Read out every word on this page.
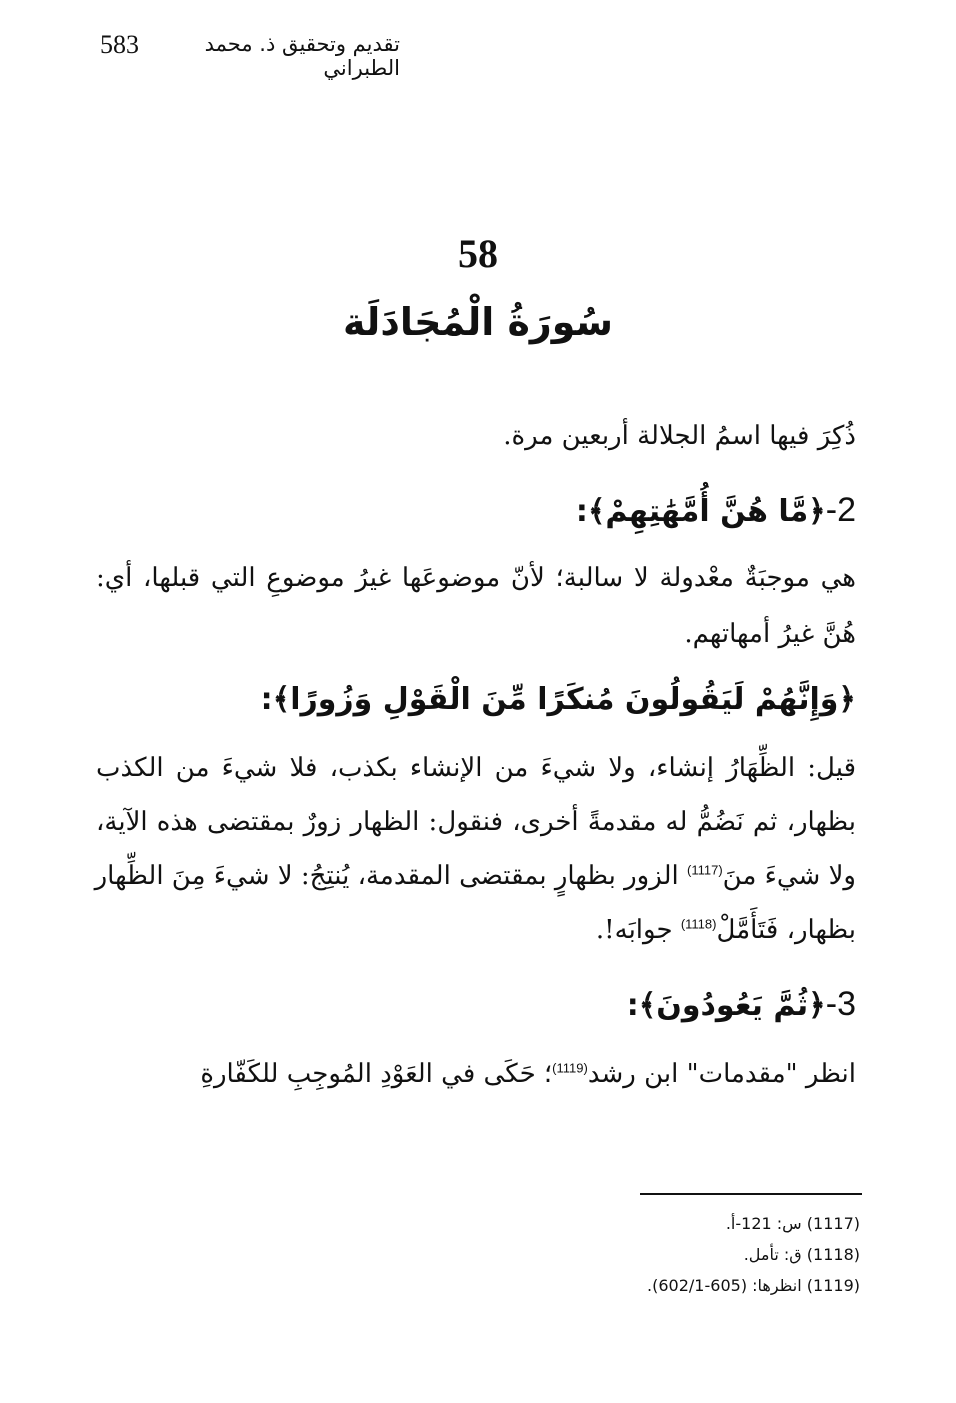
583	تقديم وتحقيق ذ. محمد الطبراني
58
سُورَةُ الْمُجَادَلَة
ذُكِرَ فيها اسمُ الجلالة أربعين مرة.
2-﴿مَّا هُنَّ أُمَّهَٰتِهِمْ﴾:
هي موجبَةٌ معْدولة لا سالبة؛ لأنّ موضوعَها غيرُ موضوعِ التي قبلها، أي:
هُنَّ غيرُ أمهاتهم.
﴿وَإِنَّهُمْ لَيَقُولُونَ مُنكَرًا مِّنَ الْقَوْلِ وَزُورًا﴾:
قيل: الظِّهَارُ إنشاء، ولا شيءَ من الإنشاء بكذب، فلا شيءَ من الكذب
بظهار، ثم نَضُمُّ له مقدمةً أخرى، فنقول: الظهار زورٌ بمقتضى هذه الآية،
ولا شيءَ منَ$^{(1117)}$ الزور بظهارٍ بمقتضى المقدمة، يُنتِجُ: لا شيءَ مِنَ الظِّهار
بظهار، فَتَأَمَّلْ$^{(1118)}$ جوابَه!.
3-﴿ثُمَّ يَعُودُونَ﴾:
انظر "مقدمات" ابن رشد$^{(1119)}$؛ حَكَى في العَوْدِ المُوجِبِ للكَفّارةِ
(1117) س: 121-أ.
(1118) ق: تأمل.
(1119) انظرها: (605-602/1).
